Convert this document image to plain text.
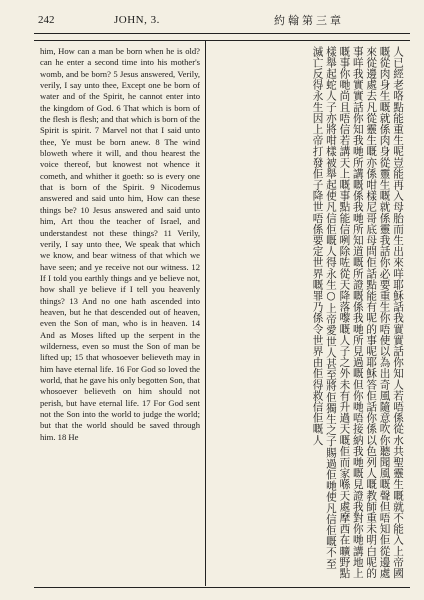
242	JOHN, 3.	約翰第三章

him, How can a man be born when he is old? can he enter a second time into his mother's womb, and be born? 5 Jesus answered, Verily, verily, I say unto thee, Except one be born of water and of the Spirit, he cannot enter into the kingdom of God. 6 That which is born of the flesh is flesh; and that which is born of the Spirit is spirit. 7 Marvel not that I said unto thee, Ye must be born anew. 8 The wind bloweth where it will, and thou hearest the voice thereof, but knowest not whence it cometh, and whither it goeth: so is every one that is born of the Spirit. 9 Nicodemus answered and said unto him, How can these things be? 10 Jesus answered and said unto him, Art thou the teacher of Israel, and understandest not these things? 11 Verily, verily, I say unto thee, We speak that which we know, and bear witness of that which we have seen; and ye receive not our witness. 12 If I told you earthly things and ye believe not, how shall ye believe if I tell you heavenly things? 13 And no one hath ascended into heaven, but he that descended out of heaven, even the Son of man, who is in heaven. 14 And as Moses lifted up the serpent in the wilderness, even so must the Son of man be lifted up; 15 that whosoever believeth may in him have eternal life. 16 For God so loved the world, that he gave his only begotten Son, that whosoever believeth on him should not perish, but have eternal life. 17 For God sent not the Son into the world to judge the world; but that the world should be saved through him. 18 He	人已經老咯點能重生呢豈能再入母胎而生出來咩耶穌話我實實話你知人若唔係從水共聖靈生嘅就不能入上帝國嘅從肉身生嘅就係肉身從靈生嘅就係靈我話你必要重生你唔使以為出奇風隨意吹你聽聞風嘅聲但唔知佢從邊處來從邊處去凡從靈生嘅亦係咁樣尼哥底母問佢話點能有呢的事呢耶穌答佢話你係以色列人嘅教師重未明白呢的事咩我實實話你知我哋所講嘅係我哋所知道嘅所證嘅係我哋所見過嘅但你哋唔接納我哋嘅見證我對你哋講地上嘅事你哋尚且唔信若講天上嘅事點能信咧除咗從天降落嚟嘅人子之外未有升過天嘅佢而家喺天處摩西在曠野點樣舉起蛇人子亦將咁樣被舉起使凡信佢嘅人得永生○上帝愛世人甚至將佢獨生之子賜過佢哋使凡信佢嘅不至滅亡反得永生因上帝打發佢子降世唔係要定世界嘅罪乃係令世界由佢得救信佢嘅人
